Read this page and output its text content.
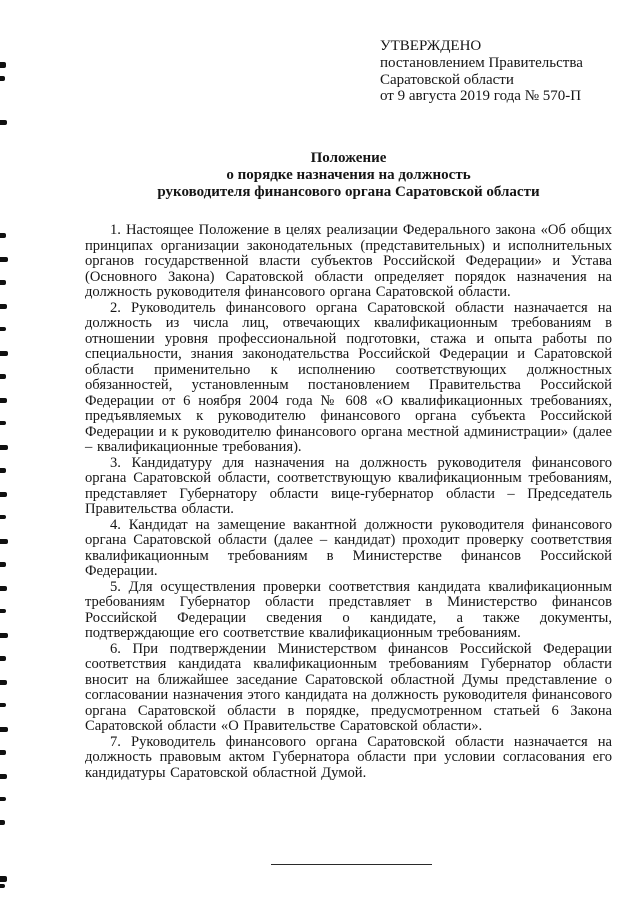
УТВЕРЖДЕНО
постановлением Правительства
Саратовской области
от 9 августа 2019 года № 570-П
Положение
о порядке назначения на должность
руководителя финансового органа Саратовской области

1. Настоящее Положение в целях реализации Федерального закона «Об общих принципах организации законодательных (представительных) и исполнительных органов государственной власти субъектов Российской Федерации» и Устава (Основного Закона) Саратовской области определяет порядок назначения на должность руководителя финансового органа Саратовской области.

2. Руководитель финансового органа Саратовской области назначается на должность из числа лиц, отвечающих квалификационным требованиям в отношении уровня профессиональной подготовки, стажа и опыта работы по специальности, знания законодательства Российской Федерации и Саратовской области применительно к исполнению соответствующих должностных обязанностей, установленным постановлением Правительства Российской Федерации от 6 ноября 2004 года № 608 «О квалификационных требованиях, предъявляемых к руководителю финансового органа субъекта Российской Федерации и к руководителю финансового органа местной администрации» (далее – квалификационные требования).

3. Кандидатуру для назначения на должность руководителя финансового органа Саратовской области, соответствующую квалификационным требованиям, представляет Губернатору области вице-губернатор области – Председатель Правительства области.

4. Кандидат на замещение вакантной должности руководителя финансового органа Саратовской области (далее – кандидат) проходит проверку соответствия квалификационным требованиям в Министерстве финансов Российской Федерации.

5. Для осуществления проверки соответствия кандидата квалификационным требованиям Губернатор области представляет в Министерство финансов Российской Федерации сведения о кандидате, а также документы, подтверждающие его соответствие квалификационным требованиям.

6. При подтверждении Министерством финансов Российской Федерации соответствия кандидата квалификационным требованиям Губернатор области вносит на ближайшее заседание Саратовской областной Думы представление о согласовании назначения этого кандидата на должность руководителя финансового органа Саратовской области в порядке, предусмотренном статьей 6 Закона Саратовской области «О Правительстве Саратовской области».

7. Руководитель финансового органа Саратовской области назначается на должность правовым актом Губернатора области при условии согласования его кандидатуры Саратовской областной Думой.
